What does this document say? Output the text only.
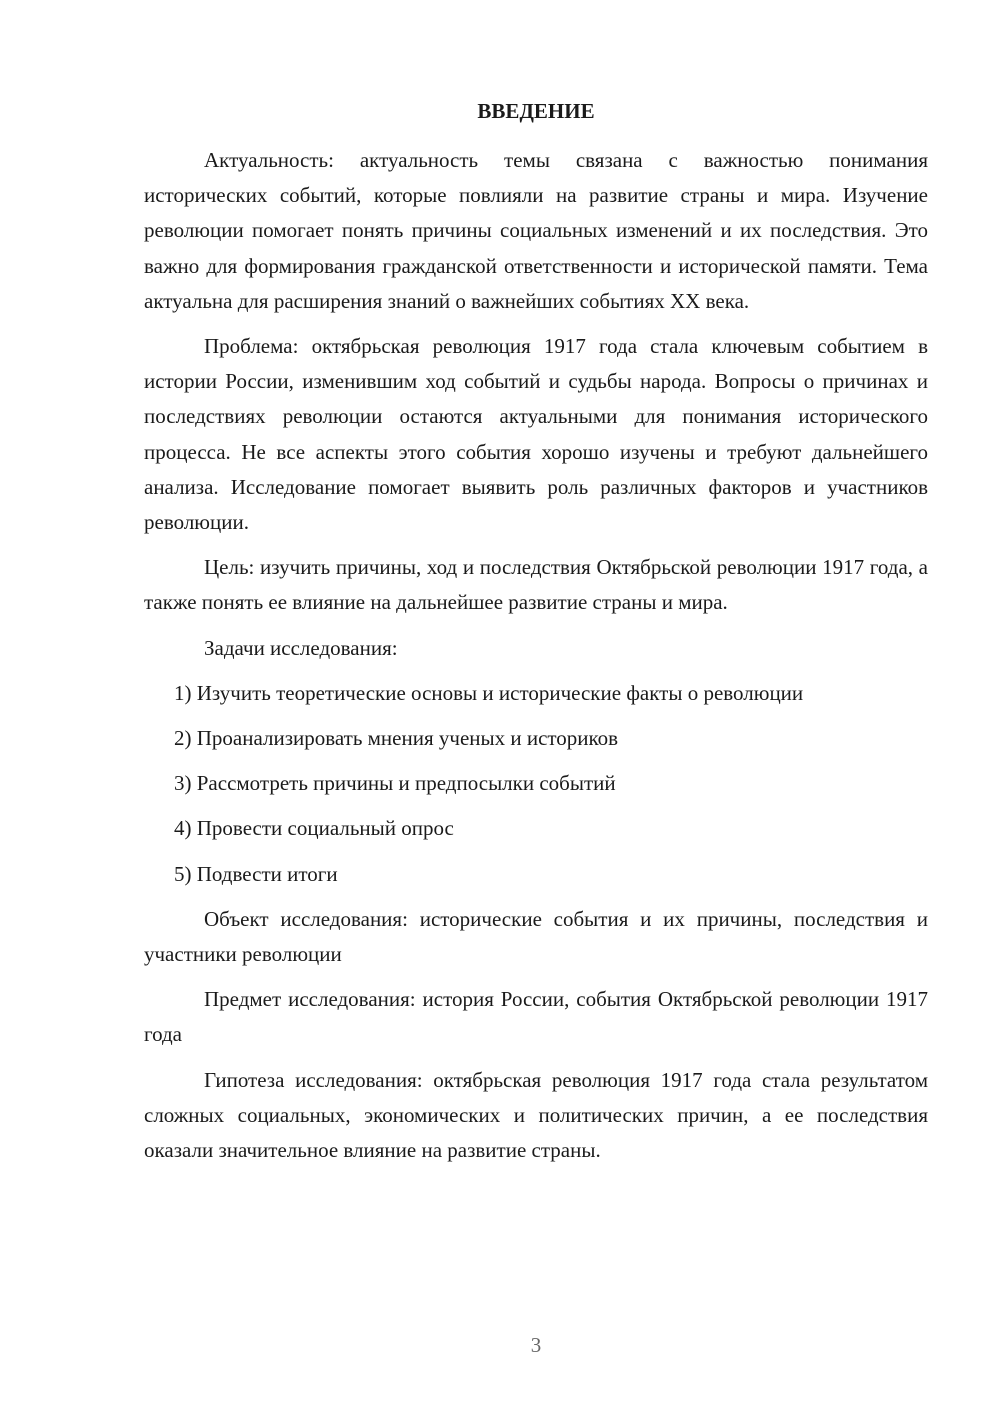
ВВЕДЕНИЕ

Актуальность: актуальность темы связана с важностью понимания исторических событий, которые повлияли на развитие страны и мира. Изучение революции помогает понять причины социальных изменений и их последствия. Это важно для формирования гражданской ответственности и исторической памяти. Тема актуальна для расширения знаний о важнейших событиях XX века.

Проблема: октябрьская революция 1917 года стала ключевым событием в истории России, изменившим ход событий и судьбы народа. Вопросы о причинах и последствиях революции остаются актуальными для понимания исторического процесса. Не все аспекты этого события хорошо изучены и требуют дальнейшего анализа. Исследование помогает выявить роль различных факторов и участников революции.

Цель: изучить причины, ход и последствия Октябрьской революции 1917 года, а также понять ее влияние на дальнейшее развитие страны и мира.

Задачи исследования:

1) Изучить теоретические основы и исторические факты о революции
2) Проанализировать мнения ученых и историков
3) Рассмотреть причины и предпосылки событий
4) Провести социальный опрос
5) Подвести итоги

Объект исследования: исторические события и их причины, последствия и участники революции

Предмет исследования: история России, события Октябрьской революции 1917 года

Гипотеза исследования: октябрьская революция 1917 года стала результатом сложных социальных, экономических и политических причин, а ее последствия оказали значительное влияние на развитие страны.

3
